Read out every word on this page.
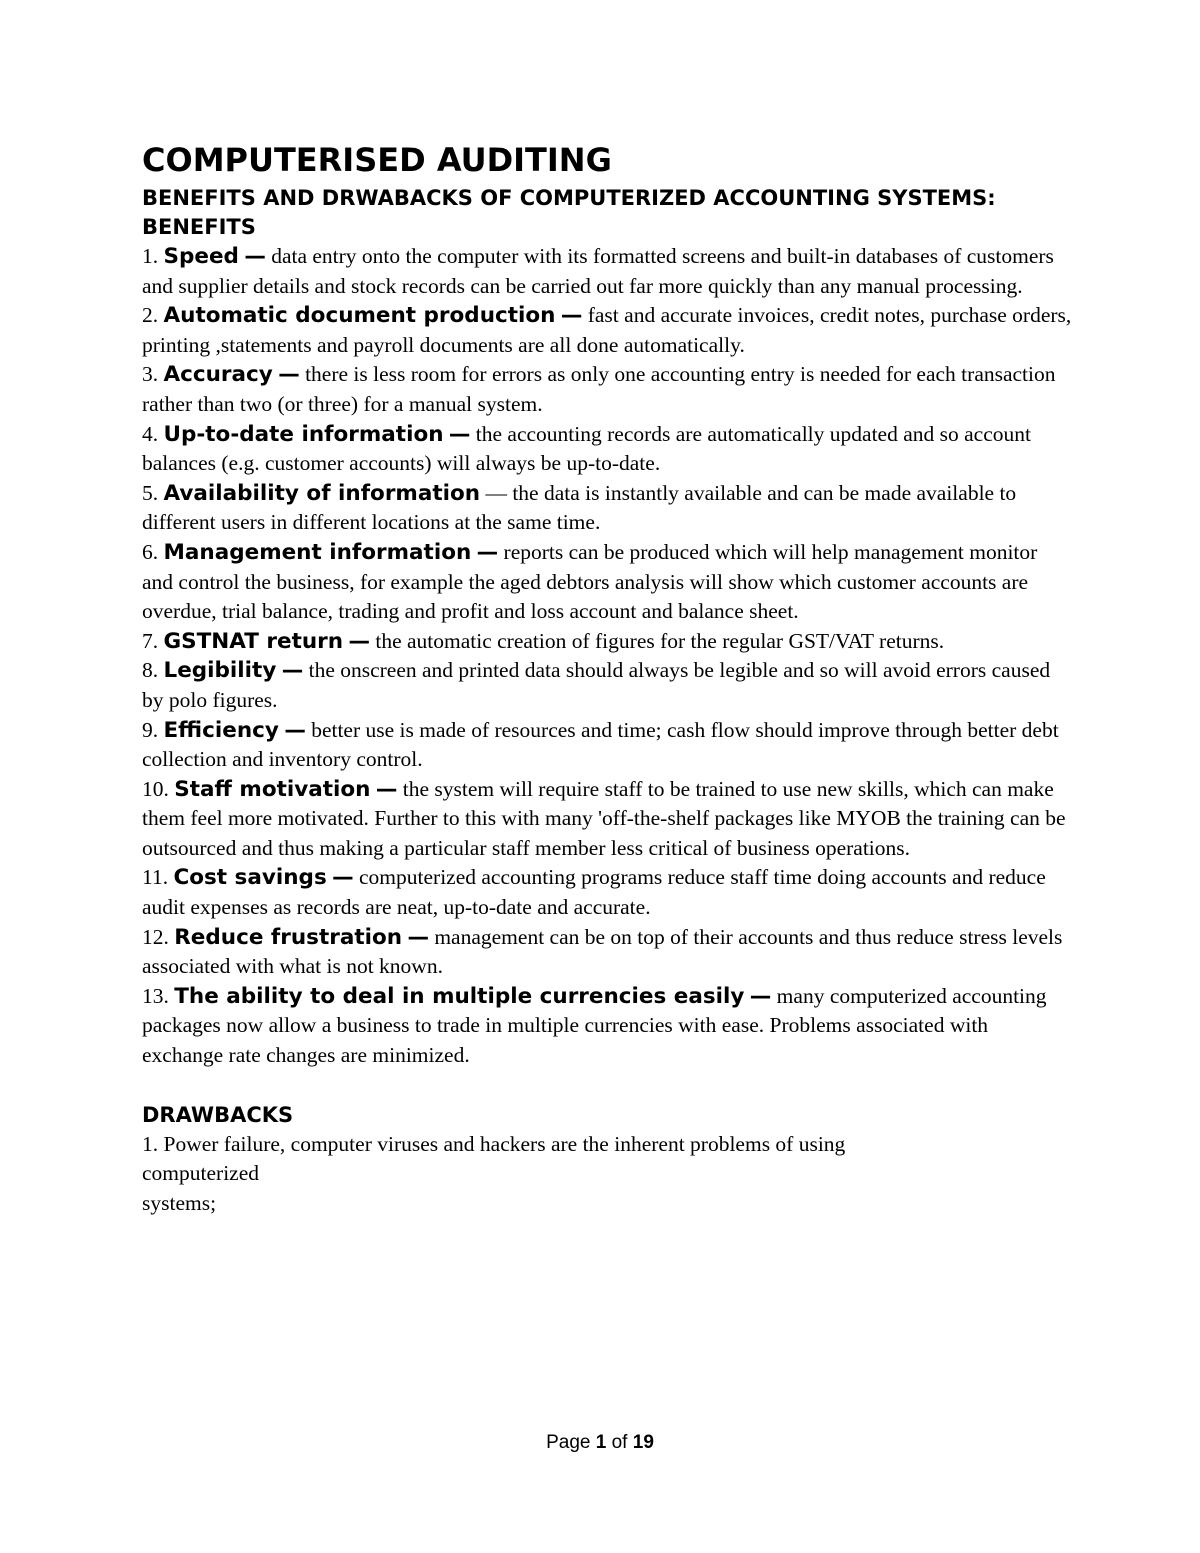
COMPUTERISED AUDITING
BENEFITS AND DRWABACKS OF COMPUTERIZED ACCOUNTING SYSTEMS:
BENEFITS

1. Speed — data entry onto the computer with its formatted screens and built-in databases of customers and supplier details and stock records can be carried out far more quickly than any manual processing.

2. Automatic document production — fast and accurate invoices, credit notes, purchase orders, printing ,statements and payroll documents are all done automatically.

3. Accuracy — there is less room for errors as only one accounting entry is needed for each transaction rather than two (or three) for a manual system.

4. Up-to-date information — the accounting records are automatically updated and so account balances (e.g. customer accounts) will always be up-to-date.

5. Availability of information — the data is instantly available and can be made available to different users in different locations at the same time.

6. Management information — reports can be produced which will help management monitor and control the business, for example the aged debtors analysis will show which customer accounts are overdue, trial balance, trading and profit and loss account and balance sheet.

7. GSTNAT return — the automatic creation of figures for the regular GST/VAT returns.

8. Legibility — the onscreen and printed data should always be legible and so will avoid errors caused by polo figures.

9. Efficiency — better use is made of resources and time; cash flow should improve through better debt collection and inventory control.

10. Staff motivation — the system will require staff to be trained to use new skills, which can make them feel more motivated. Further to this with many 'off-the-shelf packages like MYOB the training can be outsourced and thus making a particular staff member less critical of business operations.

11. Cost savings — computerized accounting programs reduce staff time doing accounts and reduce audit expenses as records are neat, up-to-date and accurate.

12. Reduce frustration — management can be on top of their accounts and thus reduce stress levels associated with what is not known.

13. The ability to deal in multiple currencies easily — many computerized accounting packages now allow a business to trade in multiple currencies with ease. Problems associated with exchange rate changes are minimized.

DRAWBACKS

1. Power failure, computer viruses and hackers are the inherent problems of using

computerized

systems;

Page 1 of 19
